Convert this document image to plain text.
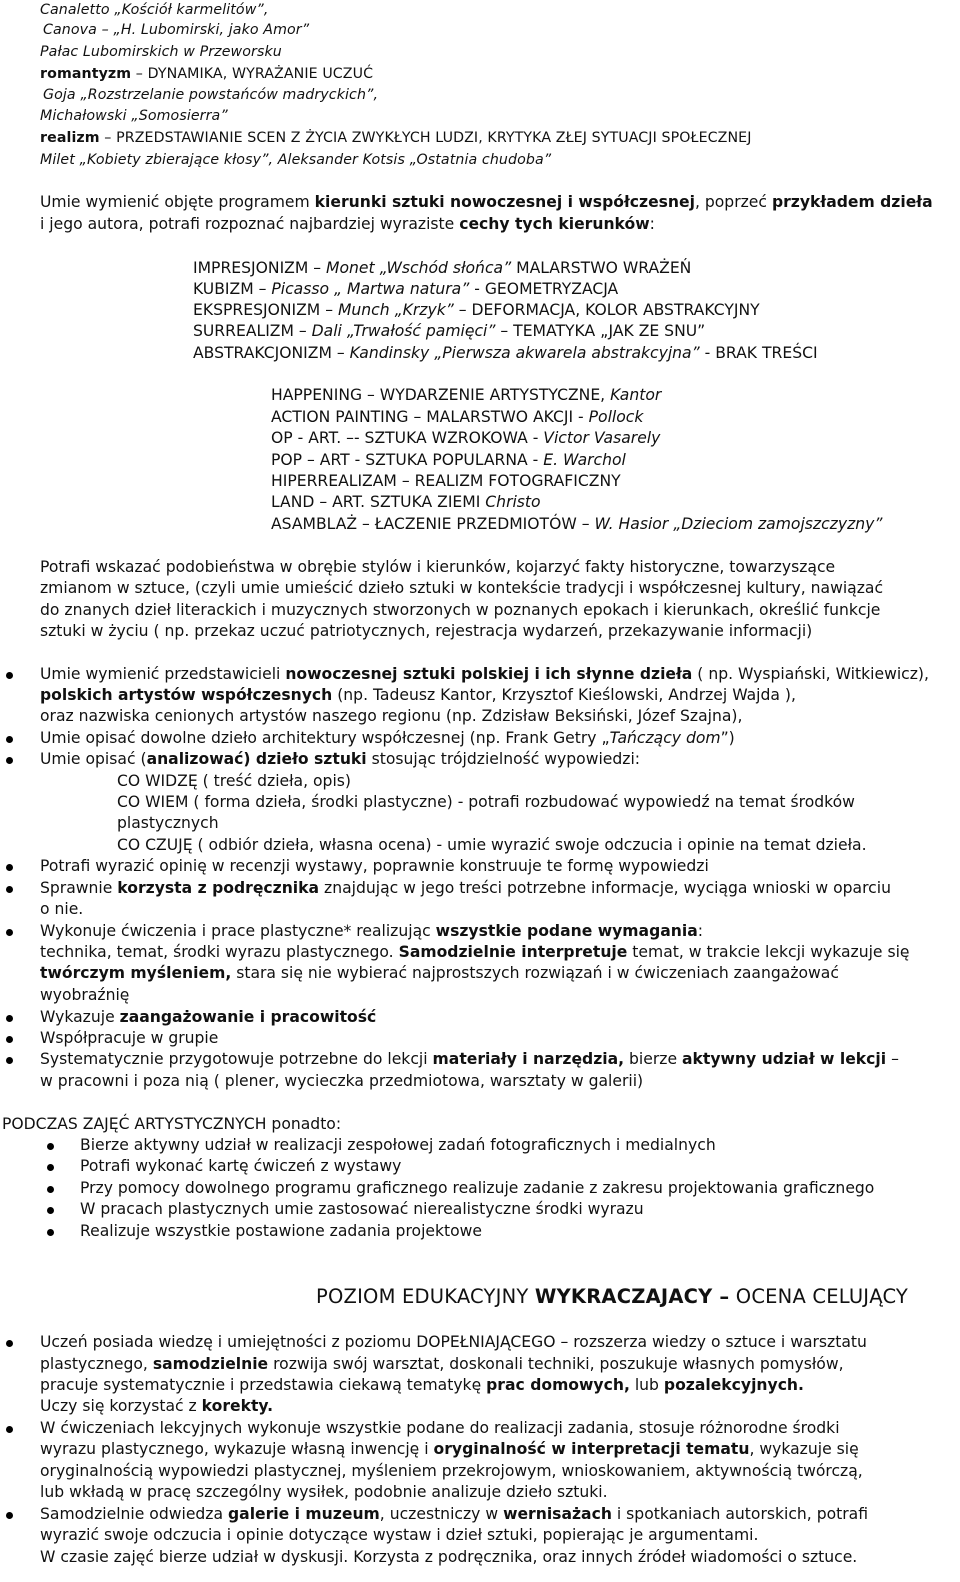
Canaletto „Kościół karmelitów”,
Canova – „H. Lubomirski, jako Amor”
Pałac Lubomirskich w Przeworsku
romantyzm – DYNAMIKA, WYRAŻANIE UCZUĆ
Goja „Rozstrzelanie powstańców madryckich”,
Michałowski „Somosierra”
realizm – PRZEDSTAWIANIE SCEN Z ŻYCIA ZWYKŁYCH LUDZI, KRYTYKA ZŁEJ SYTUACJI SPOŁECZNEJ
Milet „Kobiety zbierające kłosy”, Aleksander Kotsis „Ostatnia chudoba”
Umie wymienić objęte programem kierunki sztuki nowoczesnej i współczesnej, poprzeć przykładem dzieła
i jego autora, potrafi rozpoznać najbardziej wyraziste cechy tych kierunków:
IMPRESJONIZM – Monet „Wschód słońca” MALARSTWO WRAŻEŃ
KUBIZM – Picasso „ Martwa natura” - GEOMETRYZACJA
EKSPRESJONIZM – Munch „Krzyk” – DEFORMACJA, KOLOR ABSTRAKCYJNY
SURREALIZM – Dali „Trwałość pamięci” – TEMATYKA „JAK ZE SNU”
ABSTRAKCJONIZM – Kandinsky „Pierwsza akwarela abstrakcyjna” - BRAK TREŚCI
HAPPENING – WYDARZENIE ARTYSTYCZNE, Kantor
ACTION PAINTING – MALARSTWO AKCJI - Pollock
OP - ART. –- SZTUKA WZROKOWA - Victor Vasarely
POP – ART - SZTUKA POPULARNA - E. Warchol
HIPERREALIZAM – REALIZM FOTOGRAFICZNY
LAND – ART. SZTUKA ZIEMI Christo
ASAMBLAŻ – ŁACZENIE PRZEDMIOTÓW – W. Hasior „Dzieciom zamojszczyzny”
Potrafi wskazać podobieństwa w obrębie stylów i kierunków, kojarzyć fakty historyczne, towarzyszące
zmianom w sztuce, (czyli umie umieścić dzieło sztuki w kontekście tradycji i współczesnej kultury, nawiązać
do znanych dzieł literackich i muzycznych stworzonych w poznanych epokach i kierunkach, określić funkcje
sztuki w życiu ( np. przekaz uczuć patriotycznych, rejestracja wydarzeń, przekazywanie informacji)
Umie wymienić przedstawicieli nowoczesnej sztuki polskiej i ich słynne dzieła ( np. Wyspiański, Witkiewicz),
polskich artystów współczesnych (np. Tadeusz Kantor, Krzysztof Kieślowski, Andrzej Wajda ),
oraz nazwiska cenionych artystów naszego regionu (np. Zdzisław Beksiński, Józef Szajna),
Umie opisać dowolne dzieło architektury współczesnej (np. Frank Getry „Tańczący dom”)
Umie opisać (analizować) dzieło sztuki stosując trójdzielność wypowiedzi:
CO WIDZĘ ( treść dzieła, opis)
CO WIEM ( forma dzieła, środki plastyczne) - potrafi rozbudować wypowiedź na temat środków
plastycznych
CO CZUJĘ ( odbiór dzieła, własna ocena) - umie wyrazić swoje odczucia i opinie na temat dzieła.
Potrafi wyrazić opinię w recenzji wystawy, poprawnie konstruuje te formę wypowiedzi
Sprawnie korzysta z podręcznika znajdując w jego treści potrzebne informacje, wyciąga wnioski w oparciu
o nie.
Wykonuje ćwiczenia i prace plastyczne* realizując wszystkie podane wymagania:
technika, temat, środki wyrazu plastycznego. Samodzielnie interpretuje temat, w trakcie lekcji wykazuje się
twórczym myśleniem, stara się nie wybierać najprostszych rozwiązań i w ćwiczeniach zaangażować
wyobraźnię
Wykazuje zaangażowanie i pracowitość
Współpracuje w grupie
Systematycznie przygotowuje potrzebne do lekcji materiały i narzędzia, bierze aktywny udział w lekcji –
w pracowni i poza nią ( plener, wycieczka przedmiotowa, warsztaty w galerii)
PODCZAS ZAJĘĆ ARTYSTYCZNYCH ponadto:
Bierze aktywny udział w realizacji zespołowej zadań fotograficznych i medialnych
Potrafi wykonać kartę ćwiczeń z wystawy
Przy pomocy dowolnego programu graficznego realizuje zadanie z zakresu projektowania graficznego
W pracach plastycznych umie zastosować nierealistyczne środki wyrazu
Realizuje wszystkie postawione zadania projektowe
POZIOM EDUKACYJNY WYKRACZAJACY – OCENA CELUJĄCY
Uczeń posiada wiedzę i umiejętności z poziomu DOPEŁNIAJĄCEGO – rozszerza wiedzy o sztuce i warsztatu
plastycznego, samodzielnie rozwija swój warsztat, doskonali techniki, poszukuje własnych pomysłów,
pracuje systematycznie i przedstawia ciekawą tematykę prac domowych, lub pozalekcyjnych.
Uczy się korzystać z korekty.
W ćwiczeniach lekcyjnych wykonuje wszystkie podane do realizacji zadania, stosuje różnorodne środki
wyrazu plastycznego, wykazuje własną inwencję i oryginalność w interpretacji tematu, wykazuje się
oryginalnością wypowiedzi plastycznej, myśleniem przekrojowym, wnioskowaniem, aktywnością twórczą,
lub wkładą w pracę szczególny wysiłek, podobnie analizuje dzieło sztuki.
Samodzielnie odwiedza galerie i muzeum, uczestniczy w wernisażach i spotkaniach autorskich, potrafi
wyrazić swoje odczucia i opinie dotyczące wystaw i dzieł sztuki, popierając je argumentami.
W czasie zajęć bierze udział w dyskusji. Korzysta z podręcznika, oraz innych źródeł wiadomości o sztuce.
